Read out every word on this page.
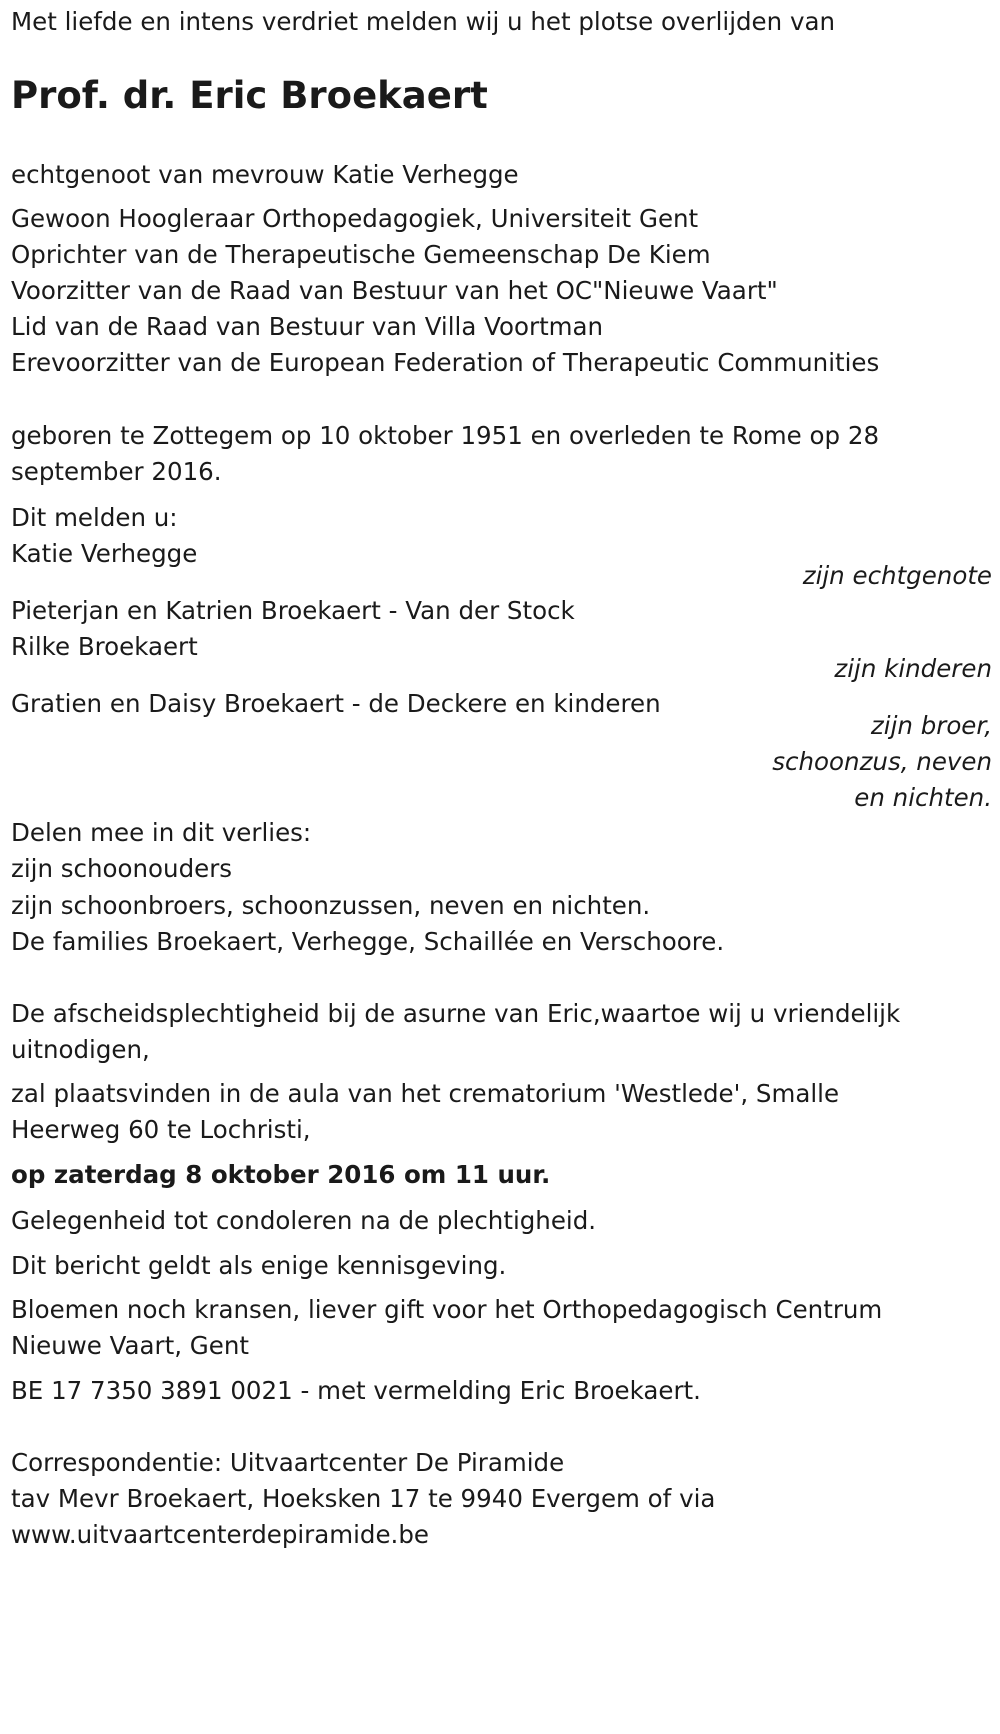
Met liefde en intens verdriet melden wij u het plotse overlijden van
Prof. dr. Eric Broekaert
echtgenoot van mevrouw Katie Verhegge
Gewoon Hoogleraar Orthopedagogiek, Universiteit Gent
Oprichter van de Therapeutische Gemeenschap De Kiem
Voorzitter van de Raad van Bestuur van het OC"Nieuwe Vaart"
Lid van de Raad van Bestuur van Villa Voortman
Erevoorzitter van de European Federation of Therapeutic Communities
geboren te Zottegem op 10 oktober 1951 en overleden te Rome op 28
september 2016.
Dit melden u:
Katie Verhegge
zijn echtgenote
Pieterjan en Katrien Broekaert - Van der Stock
Rilke Broekaert
zijn kinderen
Gratien en Daisy Broekaert - de Deckere en kinderen
zijn broer,
schoonzus, neven
en nichten.
Delen mee in dit verlies:
zijn schoonouders
zijn schoonbroers, schoonzussen, neven en nichten.
De families Broekaert, Verhegge, Schaillée en Verschoore.
De afscheidsplechtigheid bij de asurne van Eric,waartoe wij u vriendelijk
uitnodigen,
zal plaatsvinden in de aula van het crematorium 'Westlede', Smalle
Heerweg 60 te Lochristi,
op zaterdag 8 oktober 2016 om 11 uur.
Gelegenheid tot condoleren na de plechtigheid.
Dit bericht geldt als enige kennisgeving.
Bloemen noch kransen, liever gift voor het Orthopedagogisch Centrum
Nieuwe Vaart, Gent
BE 17 7350 3891 0021 - met vermelding Eric Broekaert.
Correspondentie: Uitvaartcenter De Piramide
tav Mevr Broekaert, Hoeksken 17 te 9940 Evergem of via
www.uitvaartcenterdepiramide.be
